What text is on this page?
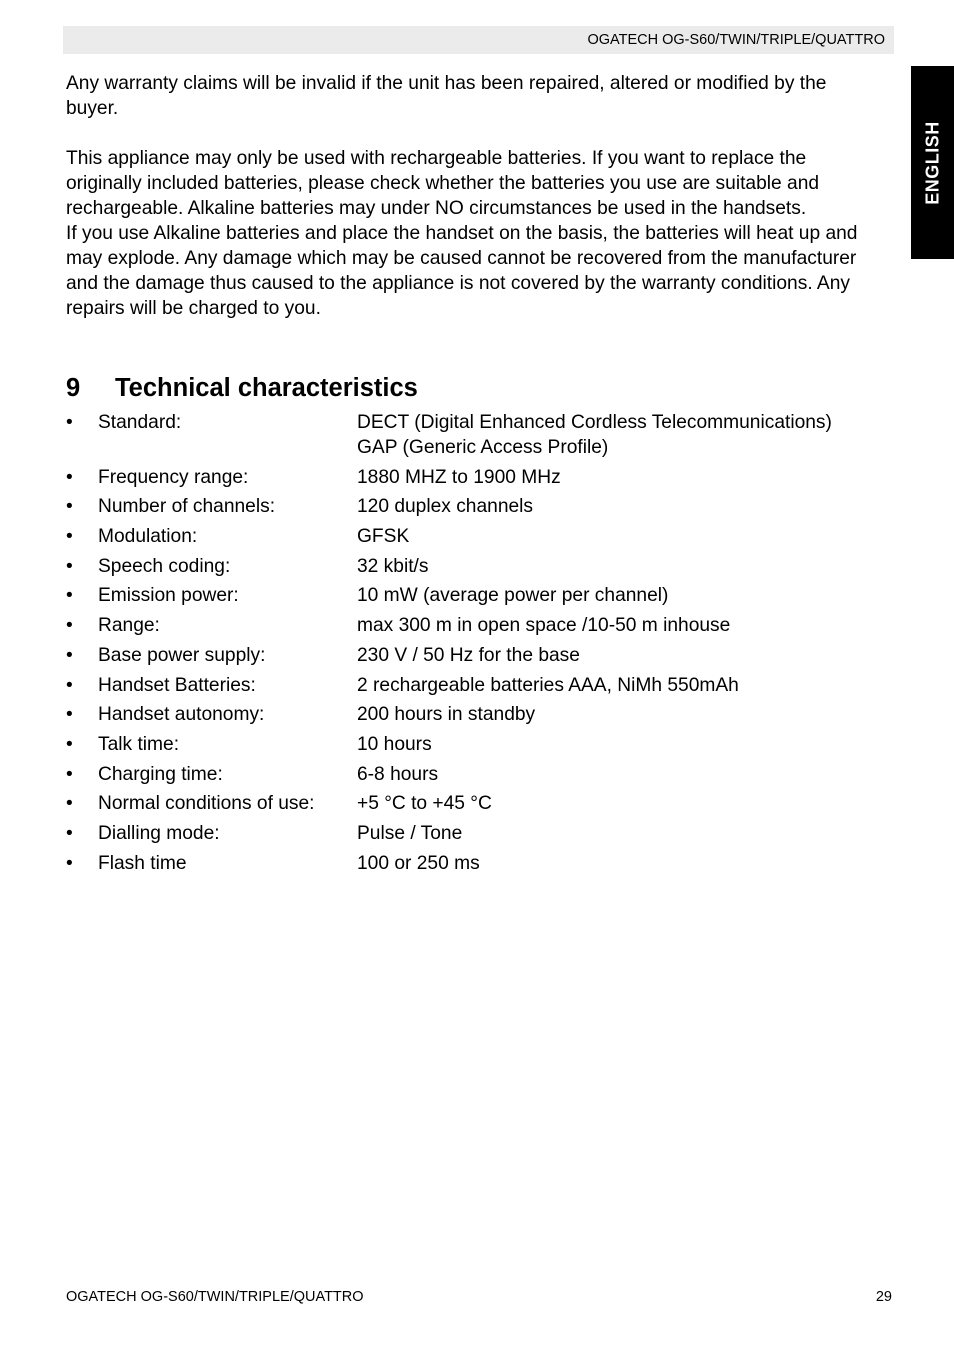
OGATECH OG-S60/TWIN/TRIPLE/QUATTRO
ENGLISH

Any warranty claims will be invalid if the unit has been repaired, altered or modified by the
buyer.

This appliance may only be used with rechargeable batteries. If you want to replace the
originally included batteries, please check whether the batteries you use are suitable and
rechargeable. Alkaline batteries may under NO circumstances be used in the handsets.
If you use Alkaline batteries and place the handset on the basis, the batteries will heat up and
may explode. Any damage which may be caused cannot be recovered from the manufacturer
and the damage thus caused to the appliance is not covered by the warranty conditions. Any
repairs will be charged to you.

9 Technical characteristics
•	Standard:	DECT (Digital Enhanced Cordless Telecommunications)
GAP (Generic Access Profile)
•	Frequency range:	1880 MHZ to 1900 MHz
•	Number of channels:	120 duplex channels
•	Modulation:	GFSK
•	Speech coding:	32 kbit/s
•	Emission power:	10 mW (average power per channel)
•	Range:	max 300 m in open space /10-50 m inhouse
•	Base power supply:	230 V / 50 Hz for the base
•	Handset Batteries:	2 rechargeable batteries AAA, NiMh 550mAh
•	Handset autonomy:	200 hours in standby
•	Talk time:	10 hours
•	Charging time:	6-8 hours
•	Normal conditions of use:	+5 °C to +45 °C
•	Dialling mode:	Pulse / Tone
•	Flash time	100 or 250 ms
OGATECH OG-S60/TWIN/TRIPLE/QUATTRO	29
